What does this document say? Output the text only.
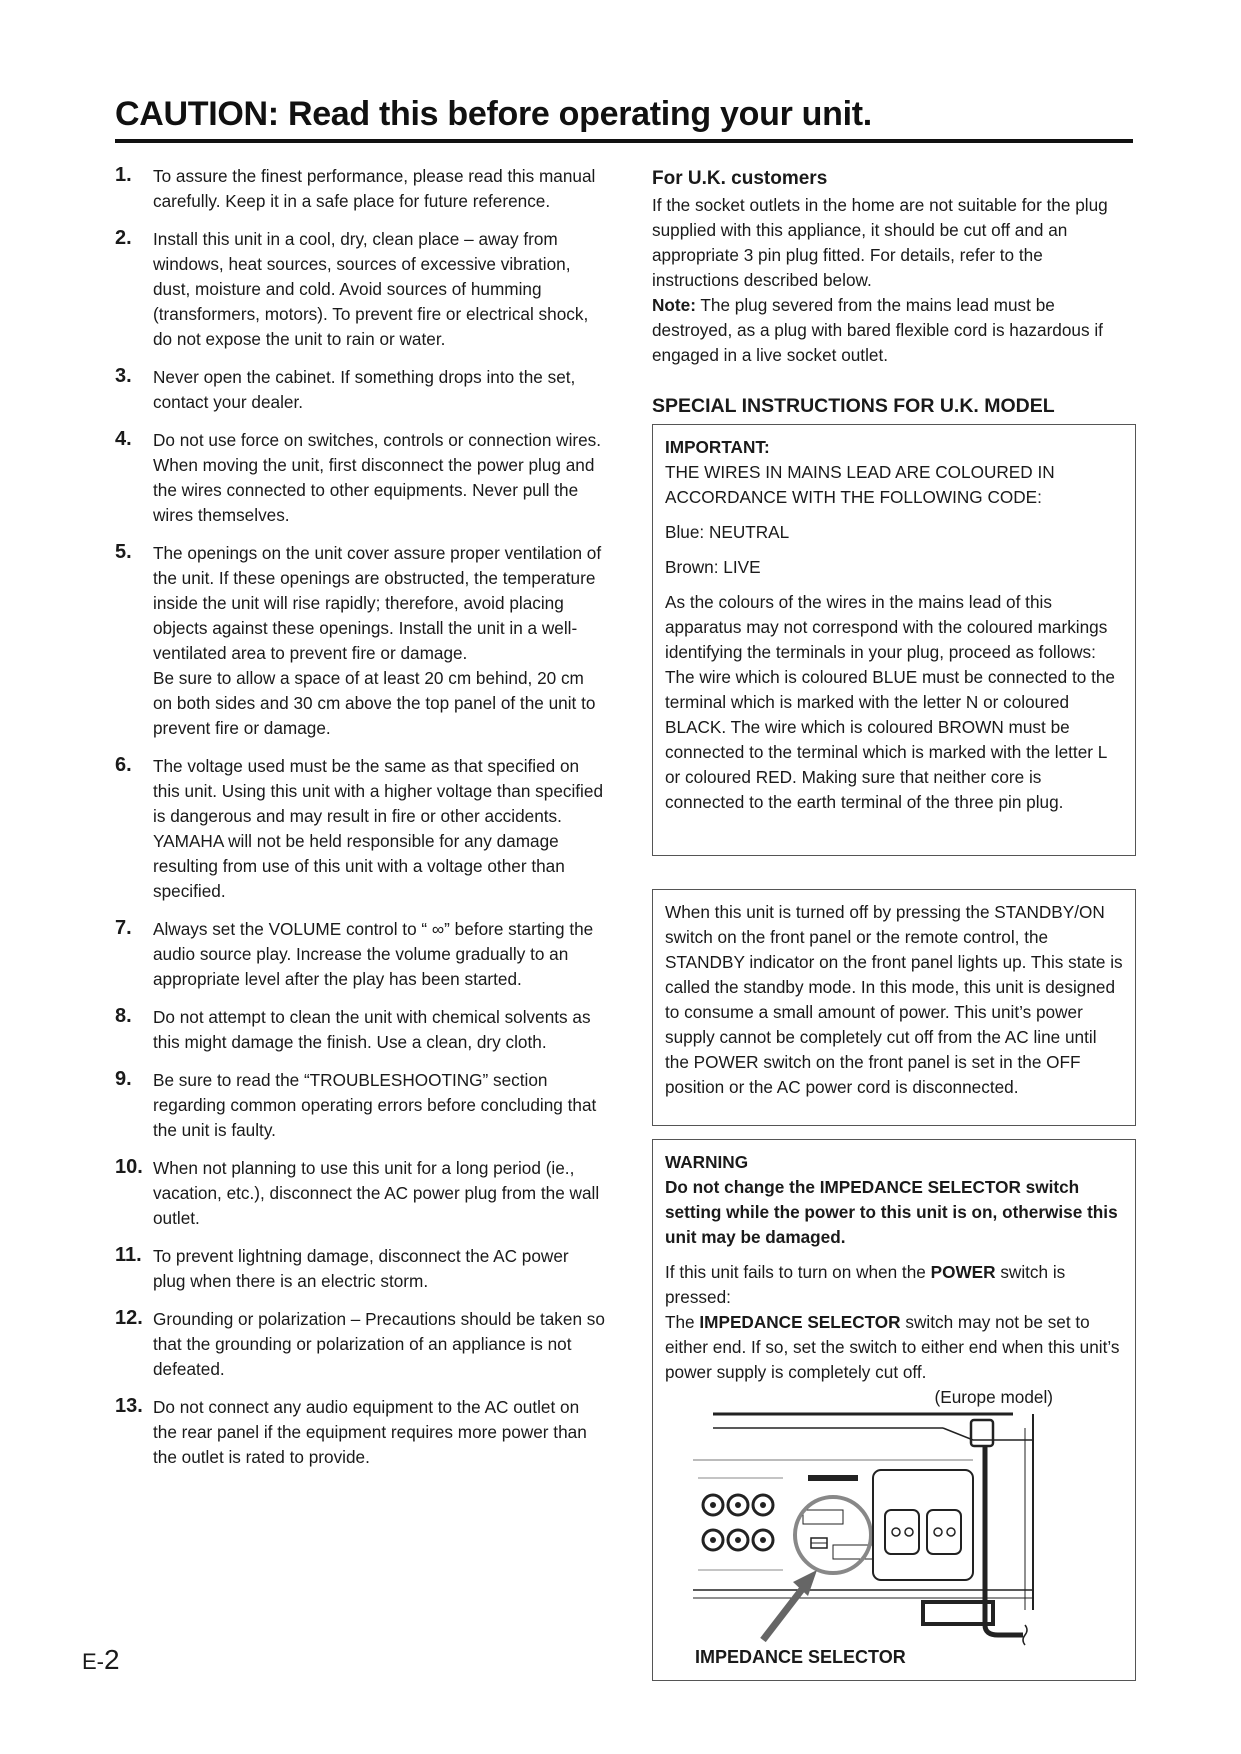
CAUTION: Read this before operating your unit.
1. To assure the finest performance, please read this manual carefully. Keep it in a safe place for future reference.

2. Install this unit in a cool, dry, clean place – away from windows, heat sources, sources of excessive vibration, dust, moisture and cold. Avoid sources of humming (transformers, motors). To prevent fire or electrical shock, do not expose the unit to rain or water.

3. Never open the cabinet. If something drops into the set, contact your dealer.

4. Do not use force on switches, controls or connection wires. When moving the unit, first disconnect the power plug and the wires connected to other equipments. Never pull the wires themselves.

5. The openings on the unit cover assure proper ventilation of the unit. If these openings are obstructed, the temperature inside the unit will rise rapidly; therefore, avoid placing objects against these openings. Install the unit in a well-ventilated area to prevent fire or damage.

Be sure to allow a space of at least 20 cm behind, 20 cm on both sides and 30 cm above the top panel of the unit to prevent fire or damage.

6. The voltage used must be the same as that specified on this unit. Using this unit with a higher voltage than specified is dangerous and may result in fire or other accidents. YAMAHA will not be held responsible for any damage resulting from use of this unit with a voltage other than specified.

7. Always set the VOLUME control to “ ∞” before starting the audio source play. Increase the volume gradually to an appropriate level after the play has been started.

8. Do not attempt to clean the unit with chemical solvents as this might damage the finish. Use a clean, dry cloth.

9. Be sure to read the “TROUBLESHOOTING” section regarding common operating errors before concluding that the unit is faulty.

10. When not planning to use this unit for a long period (ie., vacation, etc.), disconnect the AC power plug from the wall outlet.

11. To prevent lightning damage, disconnect the AC power plug when there is an electric storm.

12. Grounding or polarization – Precautions should be taken so that the grounding or polarization of an appliance is not defeated.

13. Do not connect any audio equipment to the AC outlet on the rear panel if the equipment requires more power than the outlet is rated to provide.

For U.K. customers

If the socket outlets in the home are not suitable for the plug supplied with this appliance, it should be cut off and an appropriate 3 pin plug fitted. For details, refer to the instructions described below.

Note: The plug severed from the mains lead must be destroyed, as a plug with bared flexible cord is hazardous if engaged in a live socket outlet.

SPECIAL INSTRUCTIONS FOR U.K. MODEL

IMPORTANT:

THE WIRES IN MAINS LEAD ARE COLOURED IN ACCORDANCE WITH THE FOLLOWING CODE:

Blue: NEUTRAL

Brown: LIVE

As the colours of the wires in the mains lead of this apparatus may not correspond with the coloured markings identifying the terminals in your plug, proceed as follows: The wire which is coloured BLUE must be connected to the terminal which is marked with the letter N or coloured BLACK. The wire which is coloured BROWN must be connected to the terminal which is marked with the letter L or coloured RED. Making sure that neither core is connected to the earth terminal of the three pin plug.

When this unit is turned off by pressing the STANDBY/ON switch on the front panel or the remote control, the STANDBY indicator on the front panel lights up. This state is called the standby mode. In this mode, this unit is designed to consume a small amount of power. This unit’s power supply cannot be completely cut off from the AC line until the POWER switch on the front panel is set in the OFF position or the AC power cord is disconnected.

WARNING

Do not change the IMPEDANCE SELECTOR switch setting while the power to this unit is on, otherwise this unit may be damaged.

If this unit fails to turn on when the POWER switch is pressed:

The IMPEDANCE SELECTOR switch may not be set to either end. If so, set the switch to either end when this unit’s power supply is completely cut off.

(Europe model)

IMPEDANCE SELECTOR
E-2
